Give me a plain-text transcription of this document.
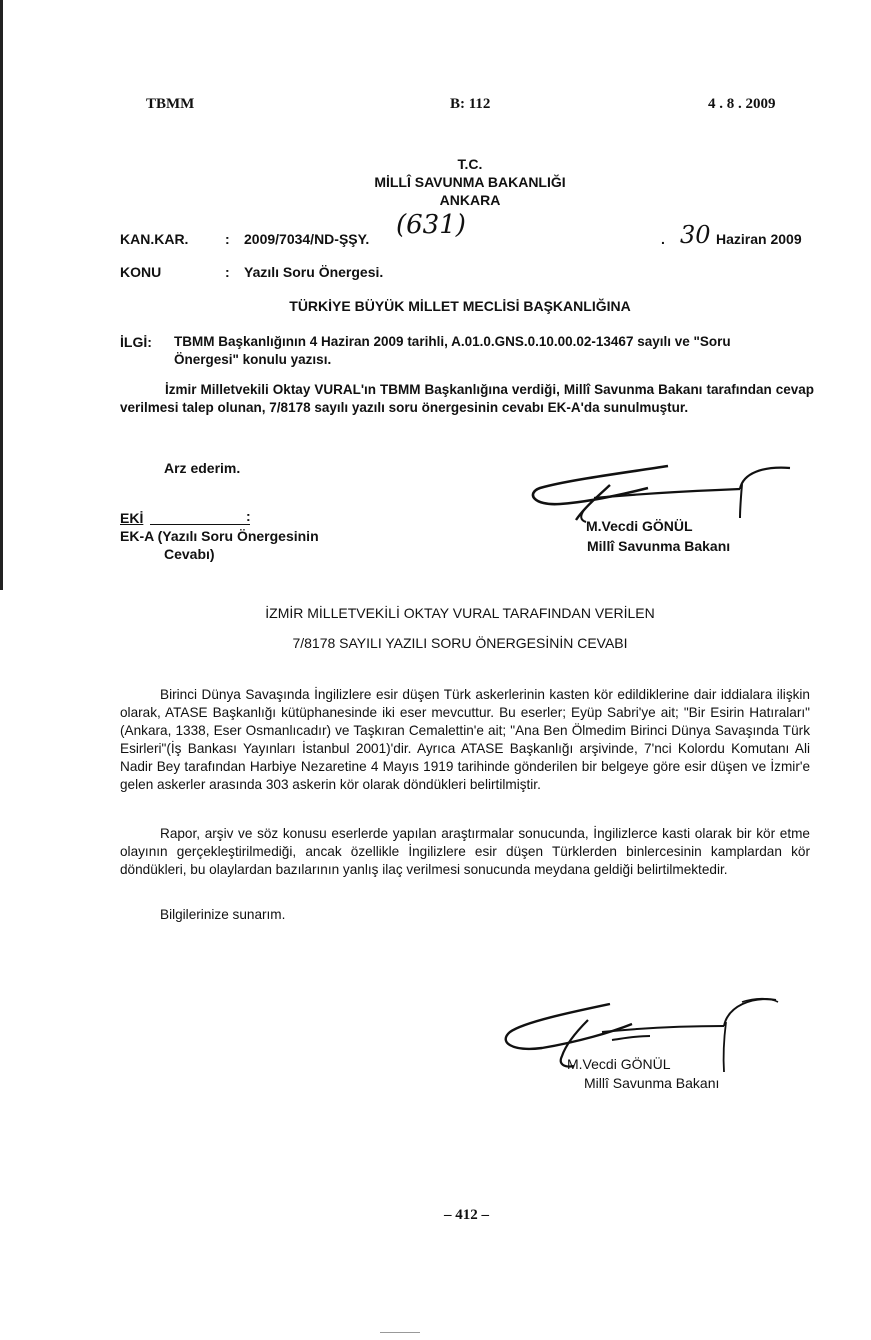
TBMM	B: 112	4 . 8 . 2009
T.C.
MİLLÎ SAVUNMA BAKANLIĞI
ANKARA
KAN.KAR.	: 2009/7034/ND-ŞŞY. (631)	. 30 Haziran 2009
KONU	: Yazılı Soru Önergesi.
TÜRKİYE BÜYÜK MİLLET MECLİSİ BAŞKANLIĞINA
İLGİ: TBMM Başkanlığının 4 Haziran 2009 tarihli, A.01.0.GNS.0.10.00.02-13467 sayılı ve "Soru
Önergesi" konulu yazısı.
İzmir Milletvekili Oktay VURAL'ın TBMM Başkanlığına verdiği, Millî Savunma Bakanı tarafından cevap verilmesi talep olunan, 7/8178 sayılı yazılı soru önergesinin cevabı EK-A'da sunulmuştur.
Arz ederim.
M.Vecdi GÖNÜL
Millî Savunma Bakanı
EKİ	:
EK-A (Yazılı Soru Önergesinin
Cevabı)
İZMİR MİLLETVEKİLİ OKTAY VURAL TARAFINDAN VERİLEN
7/8178 SAYILI YAZILI SORU ÖNERGESİNİN CEVABI
Birinci Dünya Savaşında İngilizlere esir düşen Türk askerlerinin kasten kör edildiklerine dair iddialara ilişkin olarak, ATASE Başkanlığı kütüphanesinde iki eser mevcuttur. Bu eserler; Eyüp Sabri'ye ait; "Bir Esirin Hatıraları" (Ankara, 1338, Eser Osmanlıcadır) ve Taşkıran Cemalettin'e ait; "Ana Ben Ölmedim Birinci Dünya Savaşında Türk Esirleri"(İş Bankası Yayınları İstanbul 2001)'dir. Ayrıca ATASE Başkanlığı arşivinde, 7'nci Kolordu Komutanı Ali Nadir Bey tarafından Harbiye Nezaretine 4 Mayıs 1919 tarihinde gönderilen bir belgeye göre esir düşen ve İzmir'e gelen askerler arasında 303 askerin kör olarak döndükleri belirtilmiştir.
Rapor, arşiv ve söz konusu eserlerde yapılan araştırmalar sonucunda, İngilizlerce kasti olarak bir kör etme olayının gerçekleştirilmediği, ancak özellikle İngilizlere esir düşen Türklerden binlercesinin kamplardan kör döndükleri, bu olaylardan bazılarının yanlış ilaç verilmesi sonucunda meydana geldiği belirtilmektedir.
Bilgilerinize sunarım.
M.Vecdi GÖNÜL
Millî Savunma Bakanı
– 412 –
